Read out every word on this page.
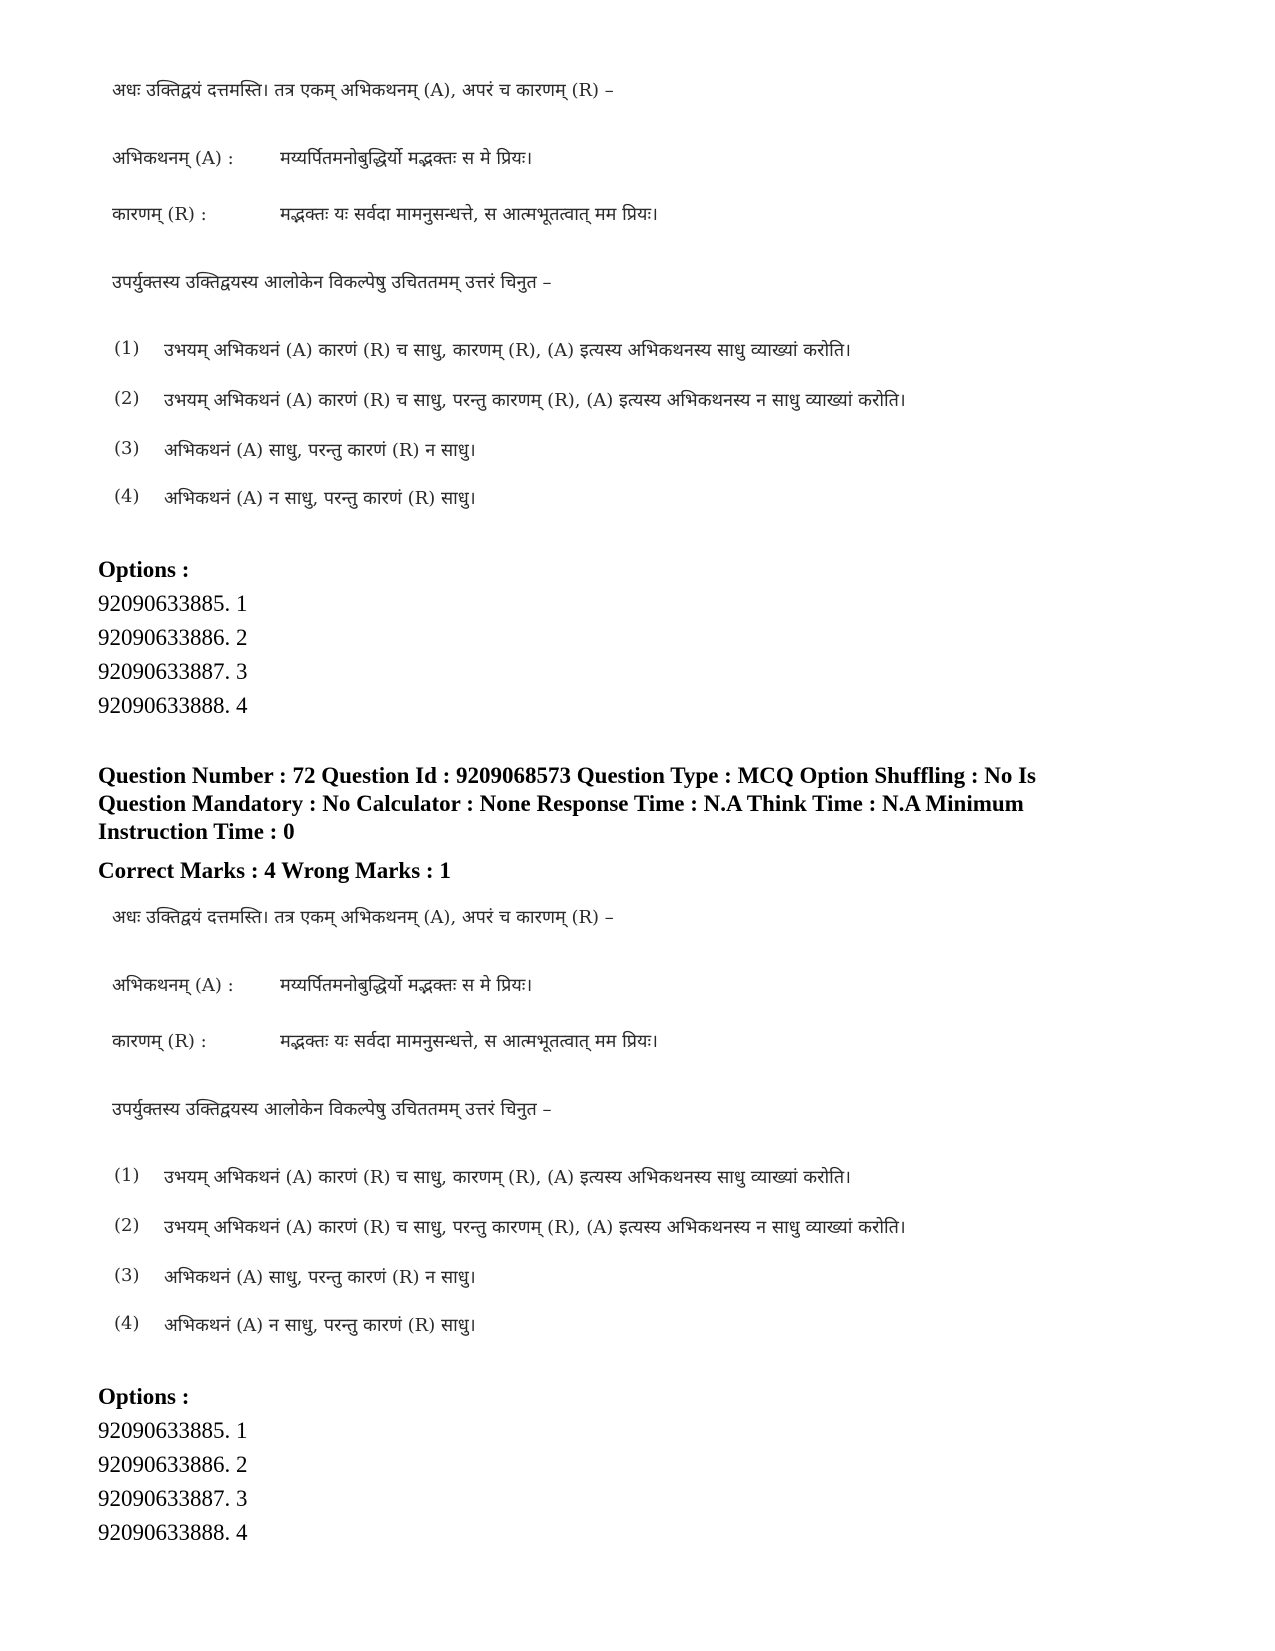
अधः उक्तिद्वयं दत्तमस्ति। तत्र एकम् अभिकथनम् (A), अपरं च कारणम् (R) –
अभिकथनम् (A) :	मय्यर्पितमनोबुद्धिर्यो मद्भक्तः स मे प्रियः।
कारणम् (R) :	मद्भक्तः यः सर्वदा मामनुसन्धत्ते, स आत्मभूतत्वात् मम प्रियः।
उपर्युक्तस्य उक्तिद्वयस्य आलोकेन विकल्पेषु उचिततमम् उत्तरं चिनुत –
(1) उभयम् अभिकथनं (A) कारणं (R) च साधु, कारणम् (R), (A) इत्यस्य अभिकथनस्य साधु व्याख्यां करोति।
(2) उभयम् अभिकथनं (A) कारणं (R) च साधु, परन्तु कारणम् (R), (A) इत्यस्य अभिकथनस्य न साधु व्याख्यां करोति।
(3) अभिकथनं (A) साधु, परन्तु कारणं (R) न साधु।
(4) अभिकथनं (A) न साधु, परन्तु कारणं (R) साधु।
Options :
92090633885. 1
92090633886. 2
92090633887. 3
92090633888. 4
Question Number : 72 Question Id : 9209068573 Question Type : MCQ Option Shuffling : No Is
Question Mandatory : No Calculator : None Response Time : N.A Think Time : N.A Minimum
Instruction Time : 0
Correct Marks : 4 Wrong Marks : 1
अधः उक्तिद्वयं दत्तमस्ति। तत्र एकम् अभिकथनम् (A), अपरं च कारणम् (R) –
अभिकथनम् (A) :	मय्यर्पितमनोबुद्धिर्यो मद्भक्तः स मे प्रियः।
कारणम् (R) :	मद्भक्तः यः सर्वदा मामनुसन्धत्ते, स आत्मभूतत्वात् मम प्रियः।
उपर्युक्तस्य उक्तिद्वयस्य आलोकेन विकल्पेषु उचिततमम् उत्तरं चिनुत –
(1) उभयम् अभिकथनं (A) कारणं (R) च साधु, कारणम् (R), (A) इत्यस्य अभिकथनस्य साधु व्याख्यां करोति।
(2) उभयम् अभिकथनं (A) कारणं (R) च साधु, परन्तु कारणम् (R), (A) इत्यस्य अभिकथनस्य न साधु व्याख्यां करोति।
(3) अभिकथनं (A) साधु, परन्तु कारणं (R) न साधु।
(4) अभिकथनं (A) न साधु, परन्तु कारणं (R) साधु।
Options :
92090633885. 1
92090633886. 2
92090633887. 3
92090633888. 4
